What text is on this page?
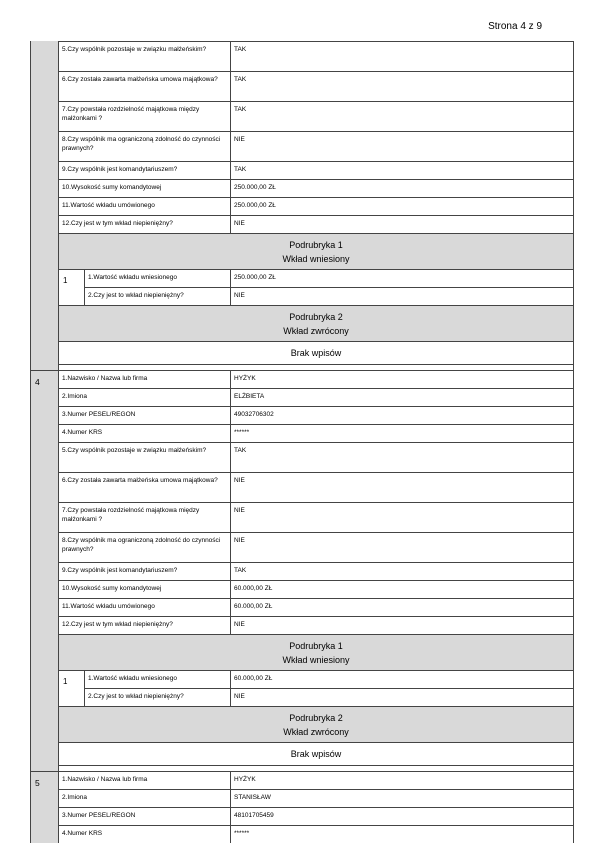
Strona 4 z 9
5.Czy wspólnik pozostaje w związku małżeńskim?	TAK
6.Czy została zawarta małżeńska umowa majątkowa?	TAK
7.Czy powstała rozdzielność majątkowa między małżonkami ?
TAK
8.Czy wspólnik ma ograniczoną zdolność do czynności prawnych?
NIE
9.Czy wspólnik jest komandytariuszem?	TAK
10.Wysokość sumy komandytowej	250.000,00 ZŁ
11.Wartość wkładu umówionego	250.000,00 ZŁ
12.Czy jest w tym wkład niepieniężny?	NIE
Podrubryka 1
Wkład wniesiony
1	1.Wartość wkładu wniesionego	250.000,00 ZŁ
2.Czy jest to wkład niepieniężny?	NIE
Podrubryka 2
Wkład zwrócony
Brak wpisów
4	1.Nazwisko / Nazwa lub firma	HYŻYK
2.Imiona	ELŻBIETA
3.Numer PESEL/REGON	49032706302
4.Numer KRS	******
5.Czy wspólnik pozostaje w związku małżeńskim?	TAK
6.Czy została zawarta małżeńska umowa majątkowa?	NIE
7.Czy powstała rozdzielność majątkowa między małżonkami ?
NIE
8.Czy wspólnik ma ograniczoną zdolność do czynności prawnych?
NIE
9.Czy wspólnik jest komandytariuszem?	TAK
10.Wysokość sumy komandytowej	60.000,00 ZŁ
11.Wartość wkładu umówionego	60.000,00 ZŁ
12.Czy jest w tym wkład niepieniężny?	NIE
Podrubryka 1
Wkład wniesiony
1	1.Wartość wkładu wniesionego	60.000,00 ZŁ
2.Czy jest to wkład niepieniężny?	NIE
Podrubryka 2
Wkład zwrócony
Brak wpisów
5	1.Nazwisko / Nazwa lub firma	HYŻYK
2.Imiona	STANISŁAW
3.Numer PESEL/REGON	48101705459
4.Numer KRS	******
